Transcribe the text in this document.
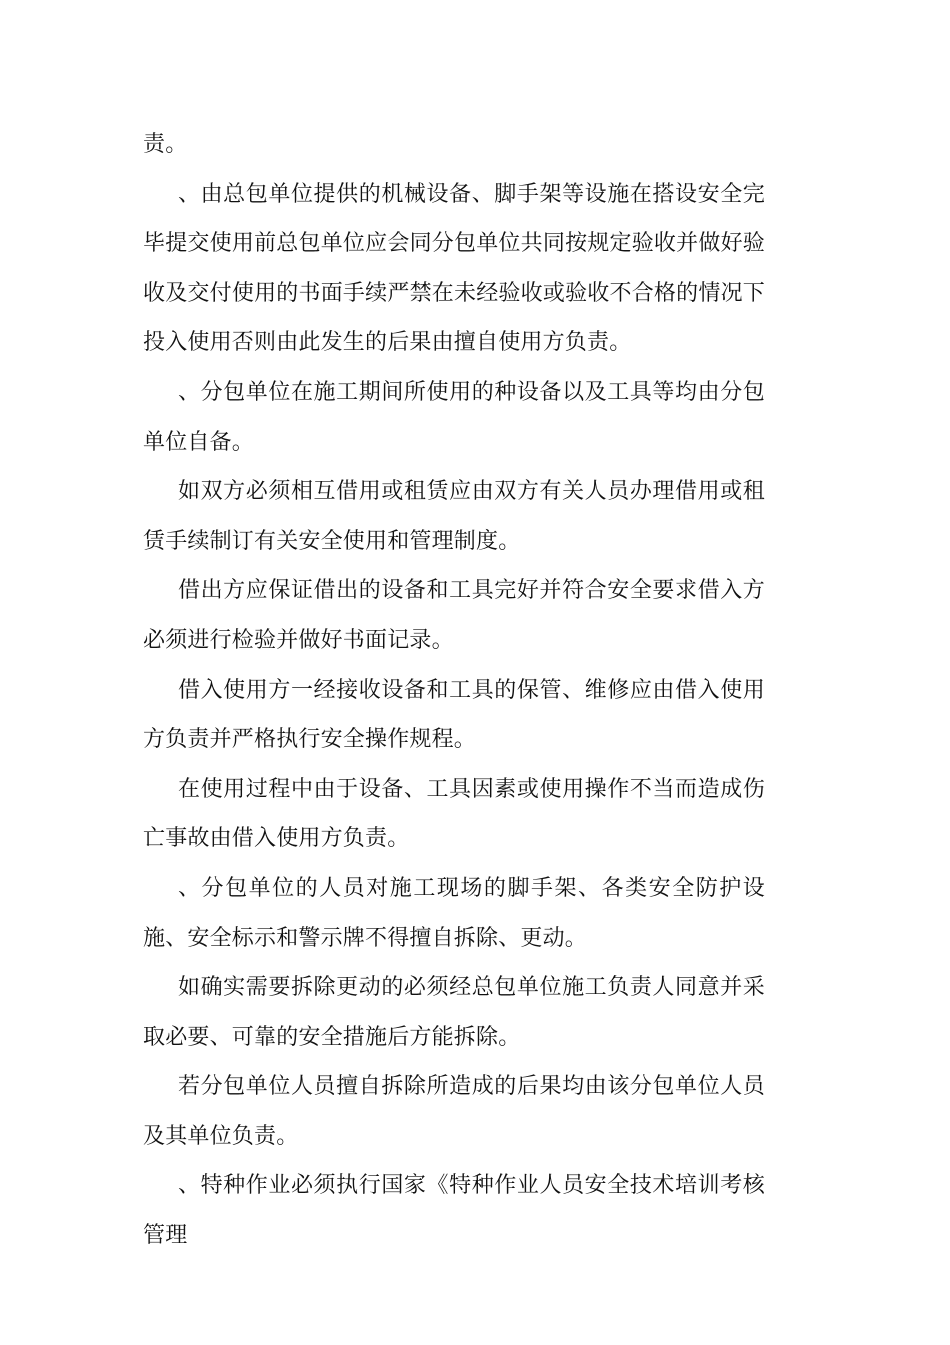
责。

、由总包单位提供的机械设备、脚手架等设施在搭设安全完毕提交使用前总包单位应会同分包单位共同按规定验收并做好验收及交付使用的书面手续严禁在未经验收或验收不合格的情况下投入使用否则由此发生的后果由擅自使用方负责。

、分包单位在施工期间所使用的种设备以及工具等均由分包单位自备。

如双方必须相互借用或租赁应由双方有关人员办理借用或租赁手续制订有关安全使用和管理制度。

借出方应保证借出的设备和工具完好并符合安全要求借入方必须进行检验并做好书面记录。

借入使用方一经接收设备和工具的保管、维修应由借入使用方负责并严格执行安全操作规程。

在使用过程中由于设备、工具因素或使用操作不当而造成伤亡事故由借入使用方负责。

、分包单位的人员对施工现场的脚手架、各类安全防护设施、安全标示和警示牌不得擅自拆除、更动。

如确实需要拆除更动的必须经总包单位施工负责人同意并采取必要、可靠的安全措施后方能拆除。

若分包单位人员擅自拆除所造成的后果均由该分包单位人员及其单位负责。

、特种作业必须执行国家《特种作业人员安全技术培训考核管理
